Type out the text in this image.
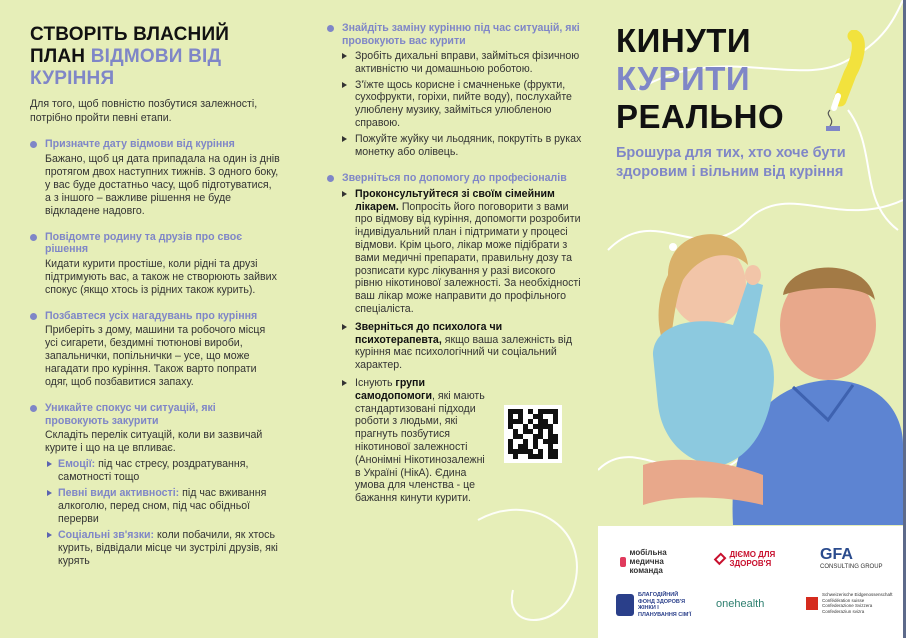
СТВОРІТЬ ВЛАСНИЙ
ПЛАН ВІДМОВИ ВІД
КУРІННЯ
Для того, щоб повністю позбутися залежності, потрібно пройти певні етапи.
Призначте дату відмови від куріння
Бажано, щоб ця дата припадала на один із днів протягом двох наступних тижнів. З одного боку, у вас буде достатньо часу, щоб підготуватися, а з іншого – важливе рішення не буде відкладене надовго.
Повідомте родину та друзів про своє рішення
Кидати курити простіше, коли рідні та друзі підтримують вас, а також не створюють зайвих спокус (якщо хтось із рідних також курить).
Позбавтеся усіх нагадувань про куріння
Приберіть з дому, машини та робочого місця усі сигарети, бездимні тютюнові вироби, запальнички, попільнички – усе, що може нагадати про куріння. Також варто попрати одяг, щоб позбавитися запаху.
Уникайте спокус чи ситуацій, які провокують закурити
Складіть перелік ситуацій, коли ви зазвичай курите і що на це впливає.
Емоції: під час стресу, роздратування, самотності тощо
Певні види активності: під час вживання алкоголю, перед сном, під час обідньої перерви
Соціальні зв'язки: коли побачили, як хтось курить, відвідали місце чи зустрілі друзів, які курять
Знайдіть заміну курінню під час ситуацій, які провокують вас курити
Зробіть дихальні вправи, займіться фізичною активністю чи домашньою роботою.
З'їжте щось корисне і смачненьке (фрукти, сухофрукти, горіхи, пийте воду), послухайте улюблену музику, займіться улюбленою справою.
Пожуйте жуйку чи льодяник, покрутіть в руках монетку або олівець.
Зверніться по допомогу до професіоналів
Проконсультуйтеся зі своїм сімейним лікарем. Попросіть його поговорити з вами про відмову від куріння, допомогти розробити індивідуальний план і підтримати у процесі відмови. Крім цього, лікар може підібрати з вами медичні препарати, правильну дозу та розписати курс лікування у разі високого рівню нікотинової залежності. За необхідності ваш лікар може направити до профільного спеціаліста.
Зверніться до психолога чи психотерапевта, якщо ваша залежність від куріння має психологічний чи соціальний характер.
Існують групи самодопомоги, які мають стандартизовані підходи роботи з людьми, які прагнуть позбутися нікотинової залежності (Анонімні Нікотинозалежні в Україні (НікА). Єдина умова для членства - це бажання кинути курити.
КИНУТИ
КУРИТИ
РЕАЛЬНО
Брошура для тих, хто хоче бути здоровим і вільним від куріння
мобільна медична команда
ДІЄМО ДЛЯ ЗДОРОВ'Я
GFA
CONSULTING GROUP
БЛАГОДІЙНИЙ ФОНД ЗДОРОВ'Я ЖІНКИ І ПЛАНУВАННЯ СІМ'Ї
onehealth
Schweizerische Eidgenossenschaft Confédération suisse Confederazione Svizzera Confederaziun svizra
